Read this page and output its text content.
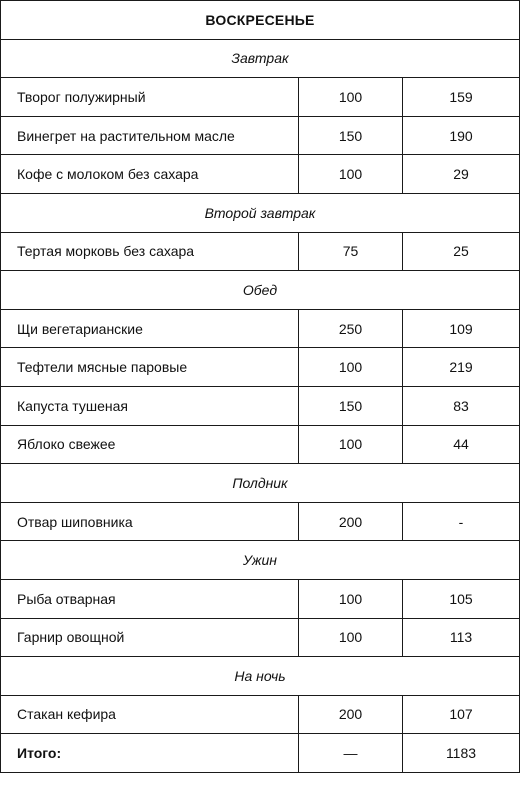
ВОСКРЕСЕНЬЕ		
Завтрак		
Творог полужирный	100	159
Винегрет на растительном масле	150	190
Кофе с молоком без сахара	100	29
Второй завтрак		
Тертая морковь без сахара	75	25
Обед		
Щи вегетарианские	250	109
Тефтели мясные паровые	100	219
Капуста тушеная	150	83
Яблоко свежее	100	44
Полдник		
Отвар шиповника	200	-
Ужин		
Рыба отварная	100	105
Гарнир овощной	100	113
На ночь		
Стакан кефира	200	107
Итого:	—	1183
